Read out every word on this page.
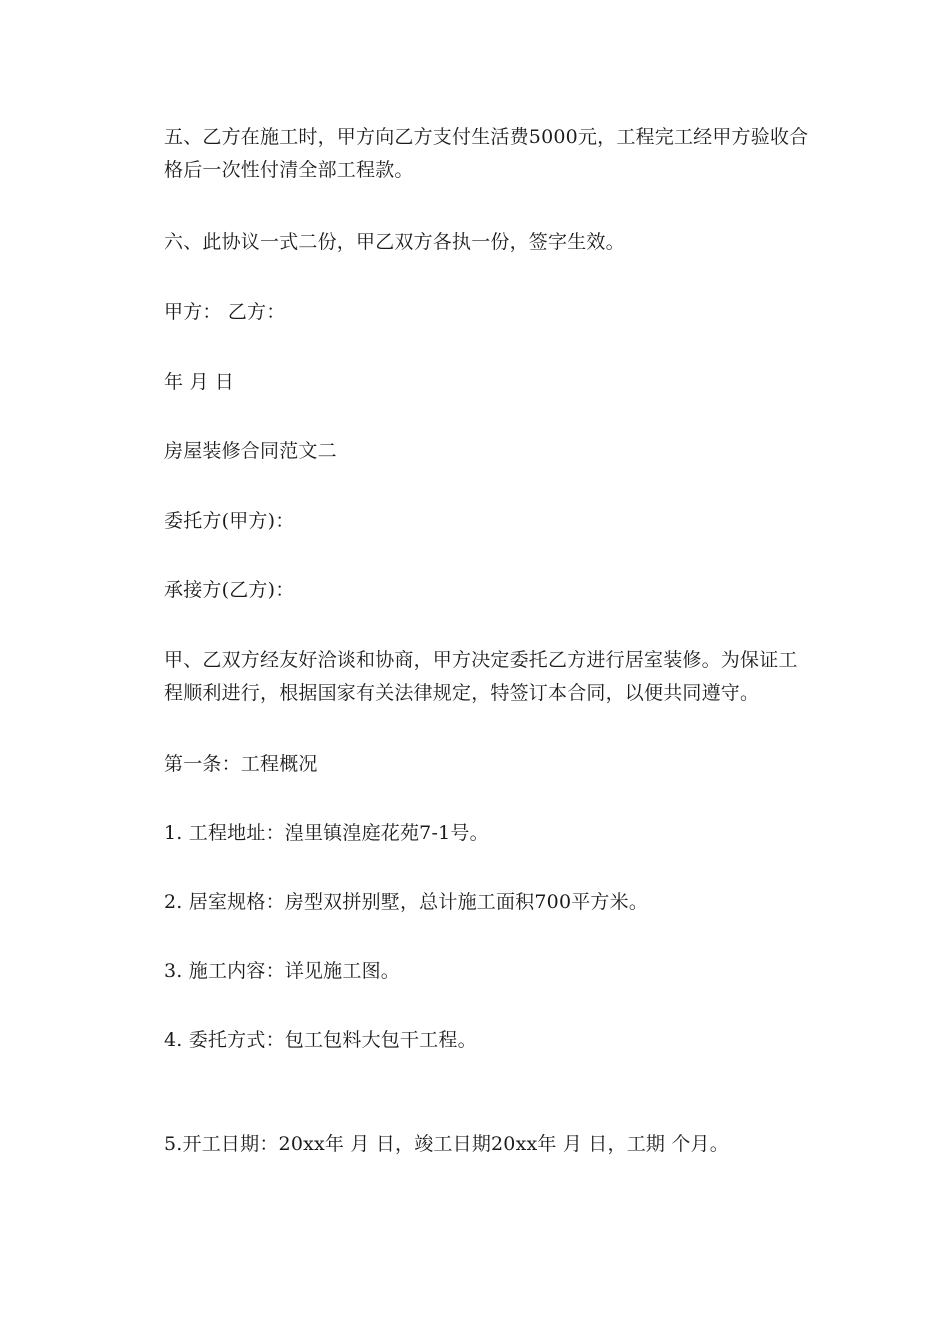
五、乙方在施工时，甲方向乙方支付生活费5000元，工程完工经甲方验收合
格后一次性付清全部工程款。

六、此协议一式二份，甲乙双方各执一份，签字生效。

甲方： 乙方：

年 月 日

房屋装修合同范文二

委托方(甲方)：

承接方(乙方)：

甲、乙双方经友好洽谈和协商，甲方决定委托乙方进行居室装修。为保证工
程顺利进行，根据国家有关法律规定，特签订本合同，以便共同遵守。

第一条：工程概况

1. 工程地址：湟里镇湟庭花苑7-1号。

2. 居室规格：房型双拼别墅，总计施工面积700平方米。

3. 施工内容：详见施工图。

4. 委托方式：包工包料大包干工程。

5.开工日期：20xx年 月 日，竣工日期20xx年 月 日，工期 个月。
